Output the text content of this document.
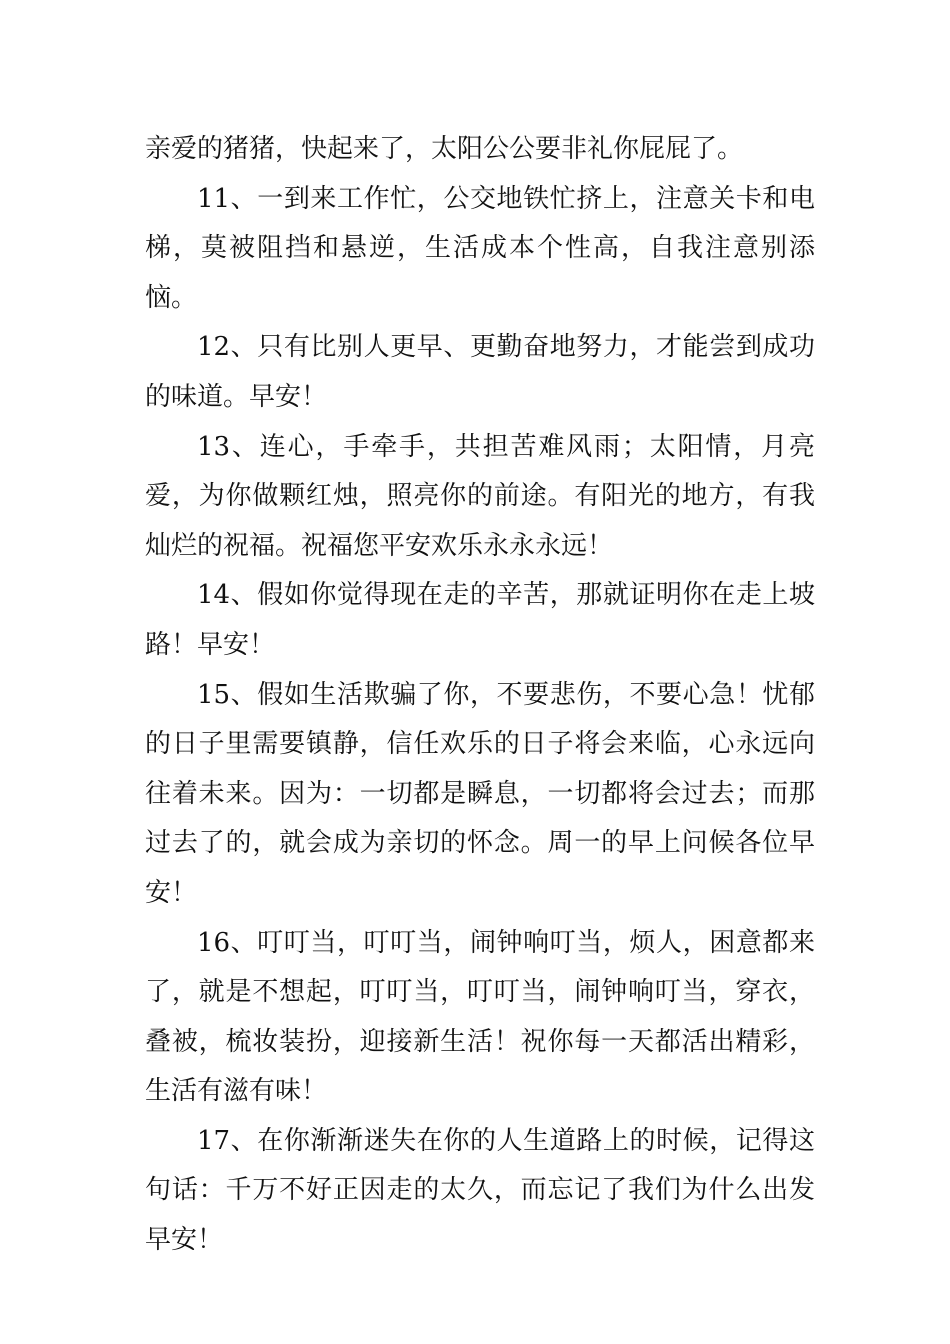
亲爱的猪猪，快起来了，太阳公公要非礼你屁屁了。

11、一到来工作忙，公交地铁忙挤上，注意关卡和电梯，莫被阻挡和悬逆，生活成本个性高，自我注意别添恼。

12、只有比别人更早、更勤奋地努力，才能尝到成功的味道。早安！

13、连心，手牵手，共担苦难风雨；太阳情，月亮爱，为你做颗红烛，照亮你的前途。有阳光的地方，有我灿烂的祝福。祝福您平安欢乐永永永远！

14、假如你觉得现在走的辛苦，那就证明你在走上坡路！早安！

15、假如生活欺骗了你，不要悲伤，不要心急！忧郁的日子里需要镇静，信任欢乐的日子将会来临，心永远向往着未来。因为：一切都是瞬息，一切都将会过去；而那过去了的，就会成为亲切的怀念。周一的早上问候各位早安！

16、叮叮当，叮叮当，闹钟响叮当，烦人，困意都来了，就是不想起，叮叮当，叮叮当，闹钟响叮当，穿衣，叠被，梳妆装扮，迎接新生活！祝你每一天都活出精彩，生活有滋有味！

17、在你渐渐迷失在你的人生道路上的时候，记得这句话：千万不好正因走的太久，而忘记了我们为什么出发早安！
